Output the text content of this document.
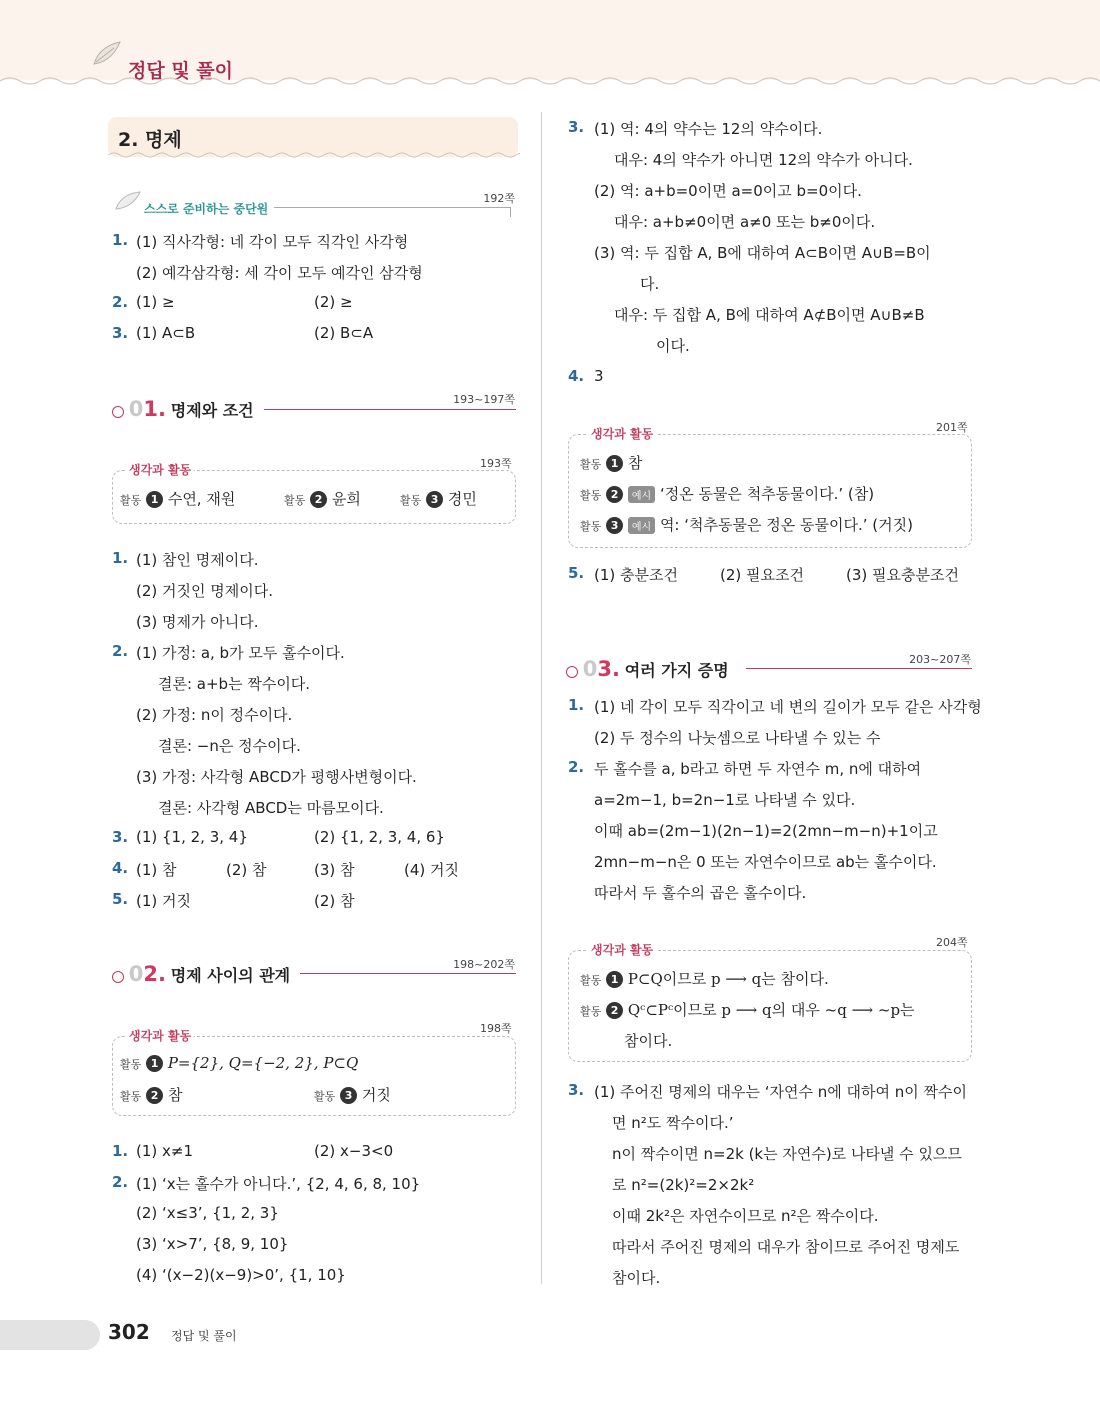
정답 및 풀이
2. 명제
192쪽
스스로 준비하는 중단원
1. (1) 직사각형: 네 각이 모두 직각인 사각형
(2) 예각삼각형: 세 각이 모두 예각인 삼각형
2. (1) ≥	(2) ≥
3. (1) A⊂B	(2) B⊂A
01. 명제와 조건
193~197쪽
생각과 활동	193쪽
활동 1 수연, 재원	활동 2 윤희	활동 3 경민
1. (1) 참인 명제이다.
(2) 거짓인 명제이다.
(3) 명제가 아니다.
2. (1) 가정: a, b가 모두 홀수이다.
결론: a+b는 짝수이다.
(2) 가정: n이 정수이다.
결론: −n은 정수이다.
(3) 가정: 사각형 ABCD가 평행사변형이다.
결론: 사각형 ABCD는 마름모이다.
3. (1) {1, 2, 3, 4}	(2) {1, 2, 3, 4, 6}
4. (1) 참	(2) 참	(3) 참	(4) 거짓
5. (1) 거짓	(2) 참
02. 명제 사이의 관계
198~202쪽
생각과 활동
198쪽
활동 1 P={2}, Q={−2, 2}, P⊂Q
활동 2 참	활동 3 거짓
1. (1) x≠1	(2) x−3<0
2. (1) ‘x는 홀수가 아니다.’, {2, 4, 6, 8, 10}
(2) ‘x≤3’, {1, 2, 3}
(3) ‘x>7’, {8, 9, 10}
(4) ‘(x−2)(x−9)>0’, {1, 10}
3. (1) 역: 4의 약수는 12의 약수이다.
대우: 4의 약수가 아니면 12의 약수가 아니다.
(2) 역: a+b=0이면 a=0이고 b=0이다.
대우: a+b≠0이면 a≠0 또는 b≠0이다.
(3) 역: 두 집합 A, B에 대하여 A⊂B이면 A∪B=B이
다.
대우: 두 집합 A, B에 대하여 A⊄B이면 A∪B≠B
이다.
4. 3
생각과 활동	201쪽
활동 1 참
활동 2 예시 ‘정온 동물은 척추동물이다.’ (참)
활동 3 예시 역: ‘척추동물은 정온 동물이다.’ (거짓)
5. (1) 충분조건	(2) 필요조건	(3) 필요충분조건
03. 여러 가지 증명
203~207쪽
1. (1) 네 각이 모두 직각이고 네 변의 길이가 모두 같은 사각형
(2) 두 정수의 나눗셈으로 나타낼 수 있는 수
2. 두 홀수를 a, b라고 하면 두 자연수 m, n에 대하여
a=2m−1, b=2n−1로 나타낼 수 있다.
이때 ab=(2m−1)(2n−1)=2(2mn−m−n)+1이고
2mn−m−n은 0 또는 자연수이므로 ab는 홀수이다.
따라서 두 홀수의 곱은 홀수이다.
생각과 활동
204쪽
활동 1 P⊂Q이므로 p ⟶ q는 참이다.
활동 2 Qᶜ⊂Pᶜ이므로 p ⟶ q의 대우 ~q ⟶ ~p는
참이다.
3. (1) 주어진 명제의 대우는 ‘자연수 n에 대하여 n이 짝수이
면 n²도 짝수이다.’
n이 짝수이면 n=2k (k는 자연수)로 나타낼 수 있으므
로 n²=(2k)²=2×2k²
이때 2k²은 자연수이므로 n²은 짝수이다.
따라서 주어진 명제의 대우가 참이므로 주어진 명제도
참이다.
302 정답 및 풀이
